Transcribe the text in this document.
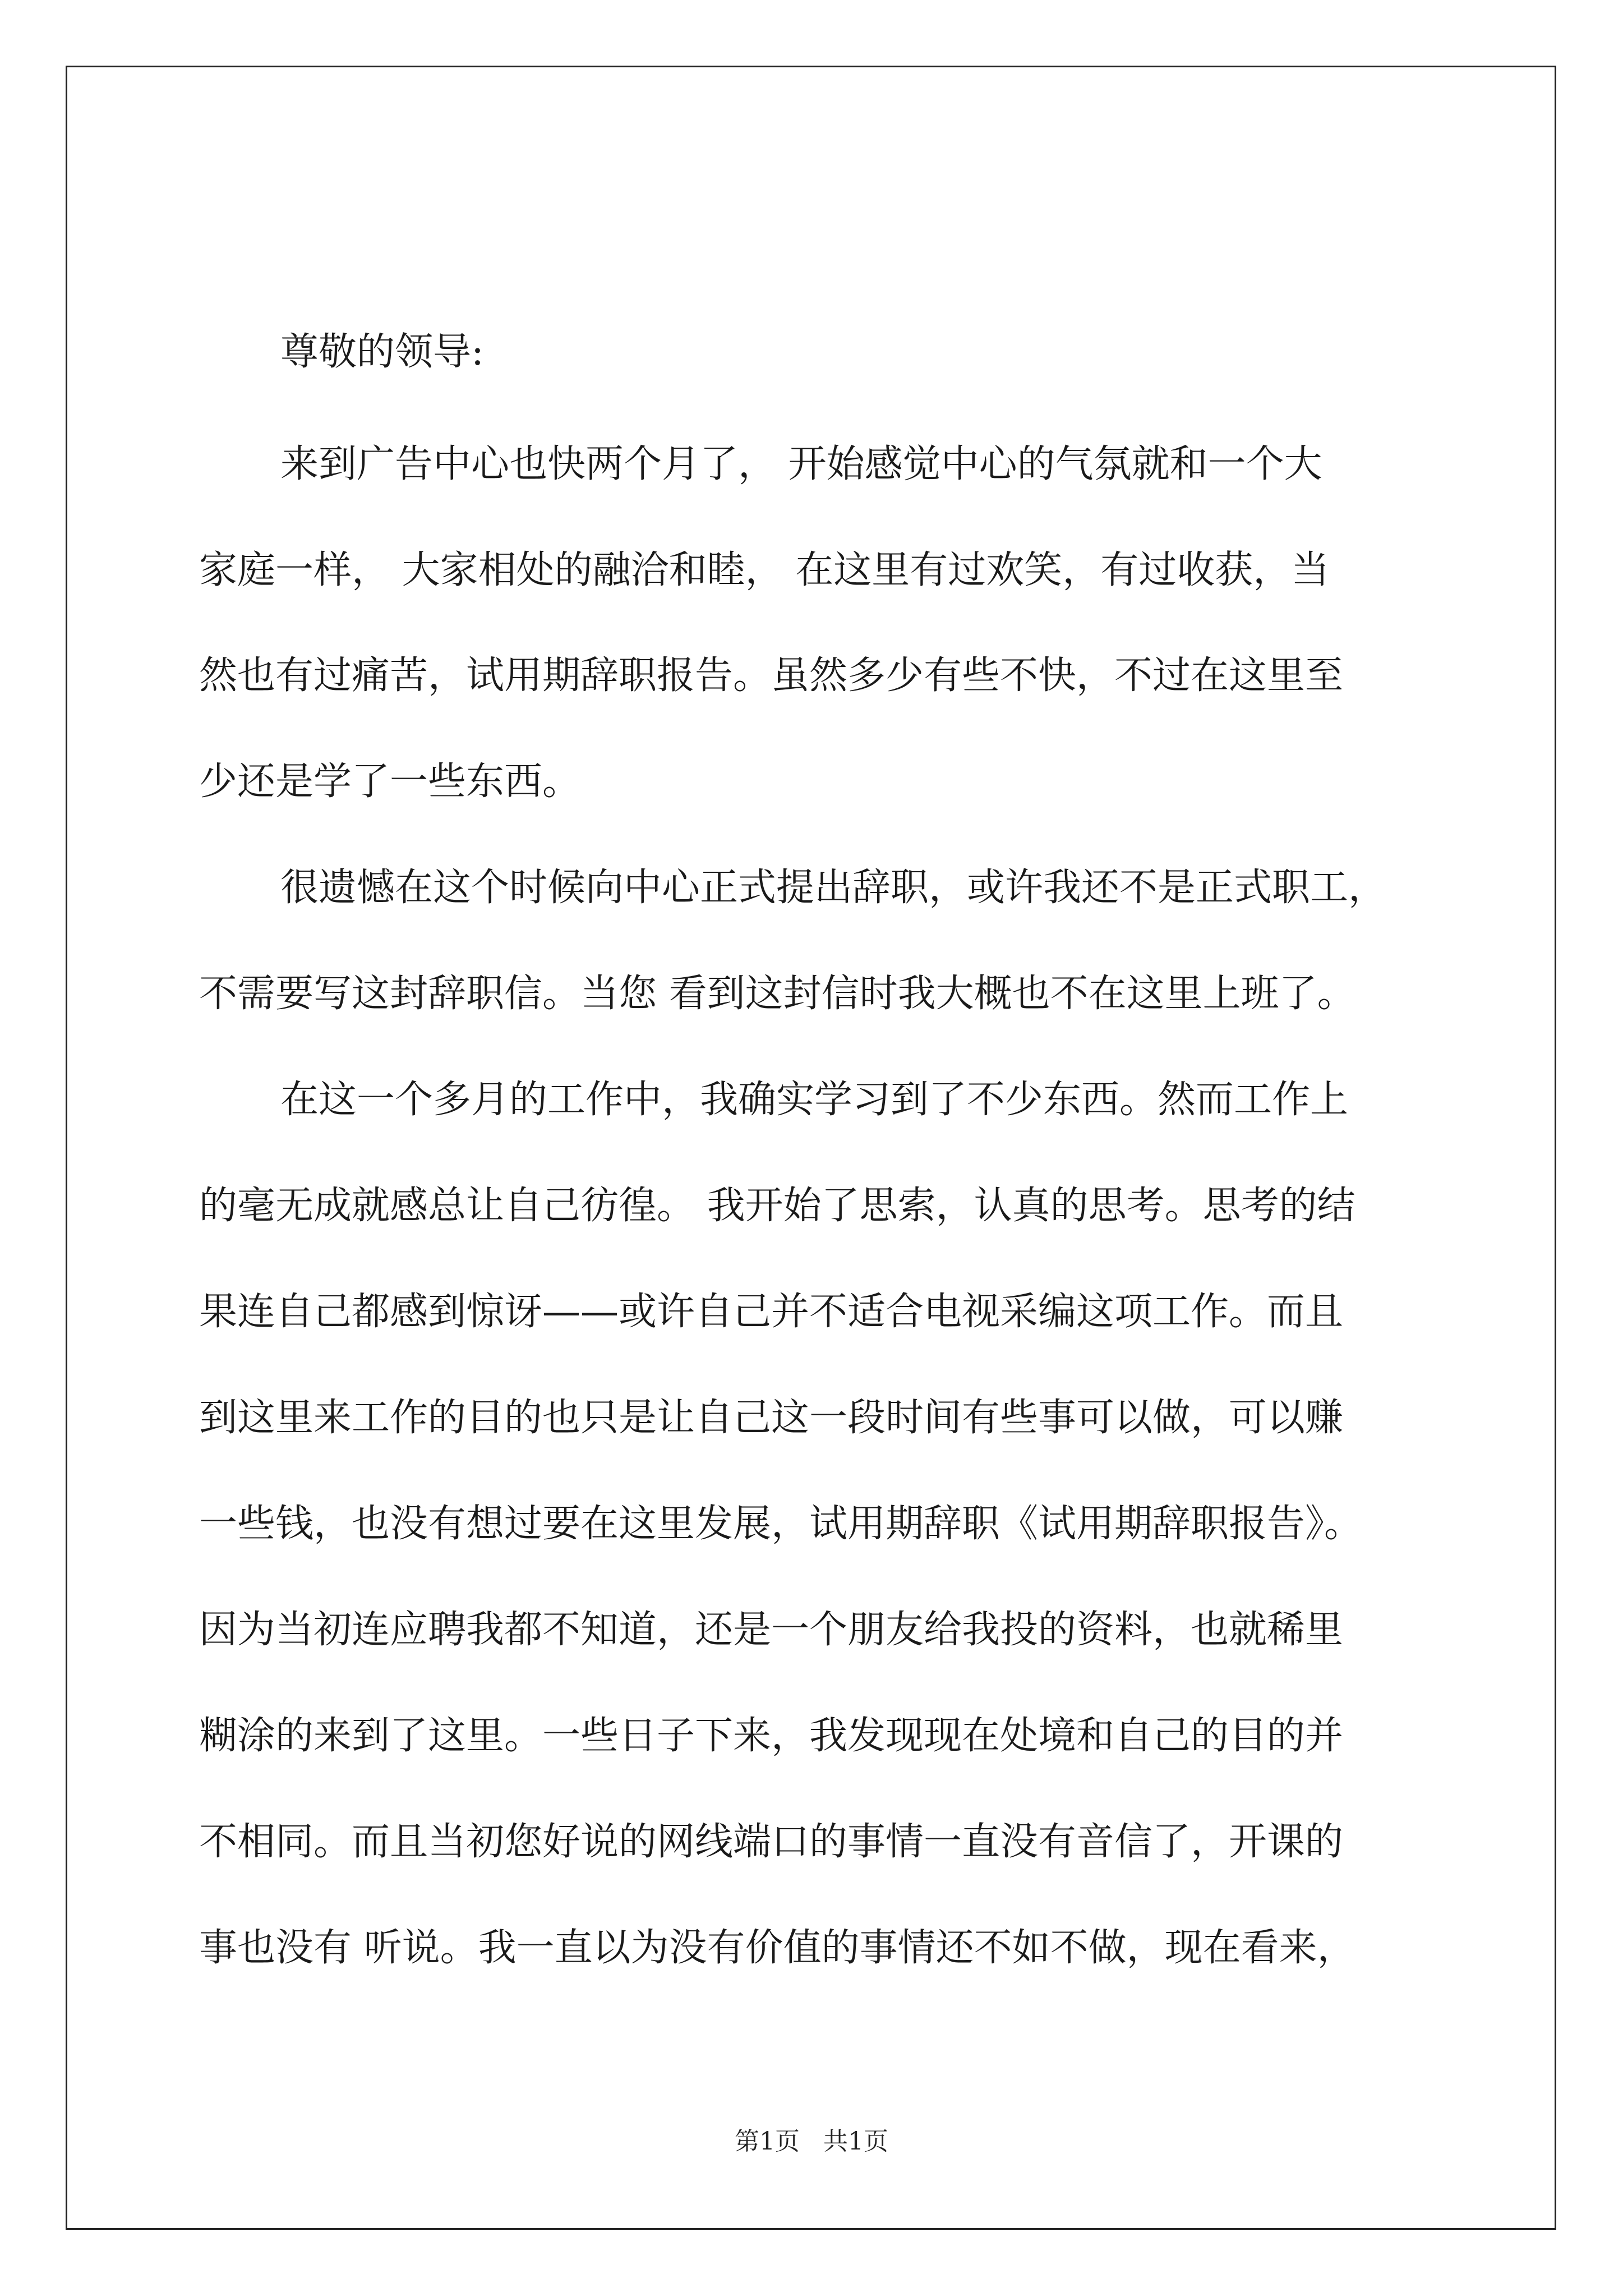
尊敬的领导:
来到广告中心也快两个月了， 开始感觉中心的气氛就和一个大
家庭一样， 大家相处的融洽和睦， 在这里有过欢笑，有过收获，当
然也有过痛苦，试用期辞职报告。虽然多少有些不快，不过在这里至
少还是学了一些东西。
很遗憾在这个时候向中心正式提出辞职，或许我还不是正式职工，
不需要写这封辞职信。当您 看到这封信时我大概也不在这里上班了。
在这一个多月的工作中，我确实学习到了不少东西。然而工作上
的毫无成就感总让自己彷徨。 我开始了思索，认真的思考。思考的结
果连自己都感到惊讶——或许自己并不适合电视采编这项工作。而且
到这里来工作的目的也只是让自己这一段时间有些事可以做，可以赚
一些钱，也没有想过要在这里发展，试用期辞职《试用期辞职报告》。
因为当初连应聘我都不知道，还是一个朋友给我投的资料，也就稀里
糊涂的来到了这里。一些日子下来，我发现现在处境和自己的目的并
不相同。而且当初您好说的网线端口的事情一直没有音信了，开课的
事也没有 听说。我一直以为没有价值的事情还不如不做，现在看来，
第1页   共1页
